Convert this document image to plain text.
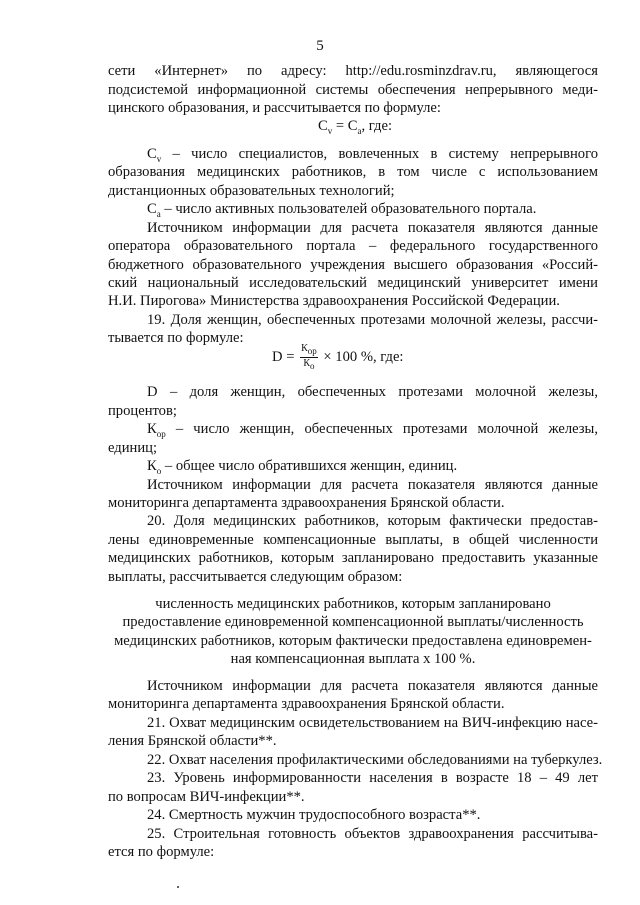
5
сети «Интернет» по адресу: http://edu.rosminzdrav.ru, являющегося
подсистемой информационной системы обеспечения непрерывного меди-
цинского образования, и рассчитывается по формуле:
$C_v = C_a$, где:
$C_v$ – число специалистов, вовлеченных в систему непрерывного
образования медицинских работников, в том числе с использованием
дистанционных образовательных технологий;
$C_a$ – число активных пользователей образовательного портала.
Источником информации для расчета показателя являются данные
оператора образовательного портала – федерального государственного
бюджетного образовательного учреждения высшего образования «Россий-
ский национальный исследовательский медицинский университет имени
Н.И. Пирогова» Министерства здравоохранения Российской Федерации.
19. Доля женщин, обеспеченных протезами молочной железы, рассчи-
тывается по формуле:
$D = \frac{К_{ор}}{К_о} \times 100$ %, где:
D – доля женщин, обеспеченных протезами молочной железы,
процентов;
$К_{ор}$ – число женщин, обеспеченных протезами молочной железы,
единиц;
$К_о$ – общее число обратившихся женщин, единиц.
Источником информации для расчета показателя являются данные
мониторинга департамента здравоохранения Брянской области.
20. Доля медицинских работников, которым фактически предостав-
лены единовременные компенсационные выплаты, в общей численности
медицинских работников, которым запланировано предоставить указанные
выплаты, рассчитывается следующим образом:
численность медицинских работников, которым запланировано
предоставление единовременной компенсационной выплаты/численность
медицинских работников, которым фактически предоставлена единовремен-
ная компенсационная выплата х 100 %.
Источником информации для расчета показателя являются данные
мониторинга департамента здравоохранения Брянской области.
21. Охват медицинским освидетельствованием на ВИЧ-инфекцию насе-
ления Брянской области**.
22. Охват населения профилактическими обследованиями на туберкулез.
23. Уровень информированности населения в возрасте 18 – 49 лет
по вопросам ВИЧ-инфекции**.
24. Смертность мужчин трудоспособного возраста**.
25. Строительная готовность объектов здравоохранения рассчитыва-
ется по формуле:
